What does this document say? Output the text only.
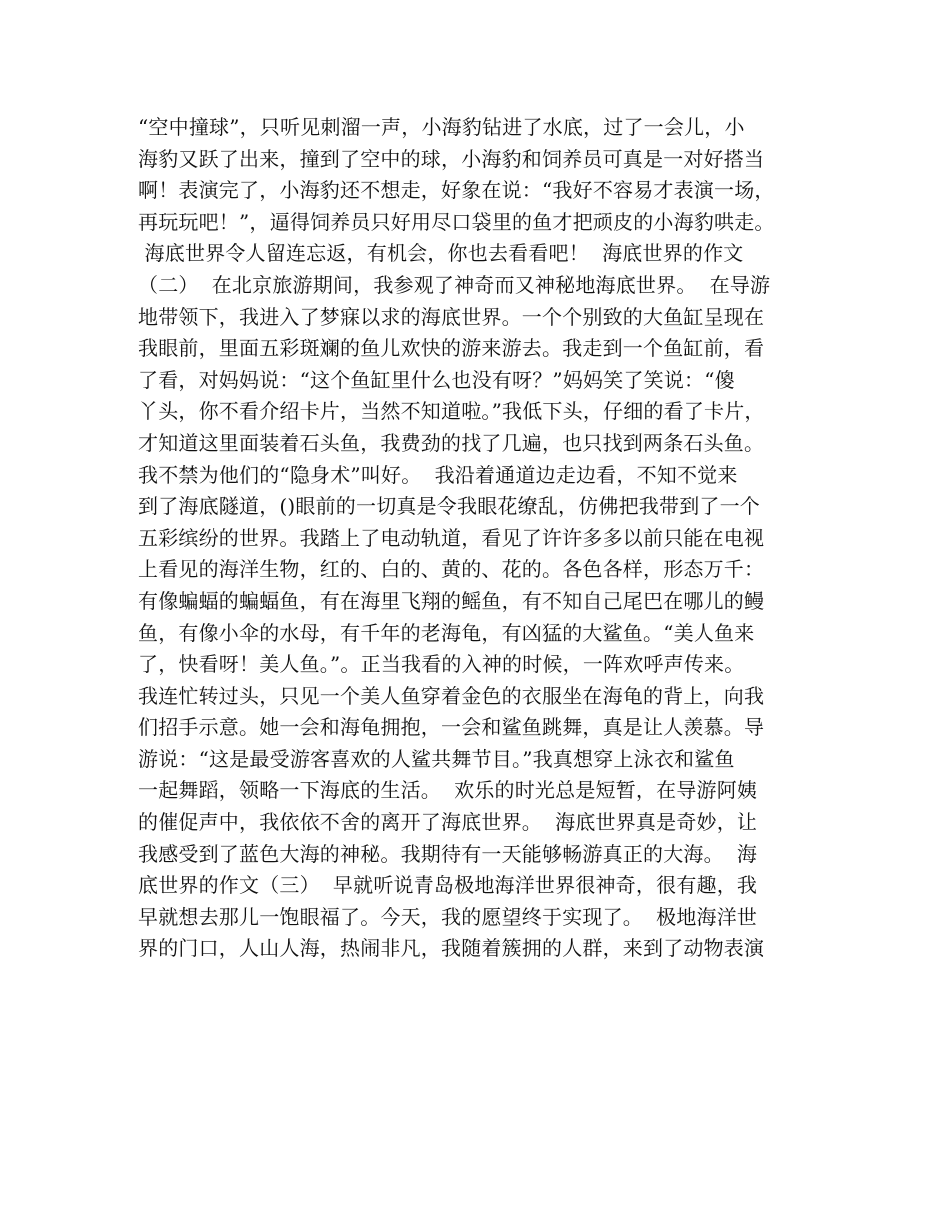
“空中撞球”，只听见刺溜一声，小海豹钻进了水底，过了一会儿，小
海豹又跃了出来，撞到了空中的球，小海豹和饲养员可真是一对好搭当
啊！表演完了，小海豹还不想走，好象在说：“我好不容易才表演一场，
再玩玩吧！”，逼得饲养员只好用尽口袋里的鱼才把顽皮的小海豹哄走。
海底世界令人留连忘返，有机会，你也去看看吧！  海底世界的作文
（二）  在北京旅游期间，我参观了神奇而又神秘地海底世界。  在导游
地带领下，我进入了梦寐以求的海底世界。一个个别致的大鱼缸呈现在
我眼前，里面五彩斑斓的鱼儿欢快的游来游去。我走到一个鱼缸前，看
了看，对妈妈说：“这个鱼缸里什么也没有呀？”妈妈笑了笑说：“傻
丫头，你不看介绍卡片，当然不知道啦。”我低下头，仔细的看了卡片，
才知道这里面装着石头鱼，我费劲的找了几遍，也只找到两条石头鱼。
我不禁为他们的“隐身术”叫好。  我沿着通道边走边看，不知不觉来
到了海底隧道，()眼前的一切真是令我眼花缭乱，仿佛把我带到了一个
五彩缤纷的世界。我踏上了电动轨道，看见了许许多多以前只能在电视
上看见的海洋生物，红的、白的、黄的、花的。各色各样，形态万千：
有像蝙蝠的蝙蝠鱼，有在海里飞翔的鳐鱼，有不知自己尾巴在哪儿的鳗
鱼，有像小伞的水母，有千年的老海龟，有凶猛的大鲨鱼。“美人鱼来
了，快看呀！美人鱼。”。正当我看的入神的时候，一阵欢呼声传来。
我连忙转过头，只见一个美人鱼穿着金色的衣服坐在海龟的背上，向我
们招手示意。她一会和海龟拥抱，一会和鲨鱼跳舞，真是让人羡慕。导
游说：“这是最受游客喜欢的人鲨共舞节目。”我真想穿上泳衣和鲨鱼
一起舞蹈，领略一下海底的生活。  欢乐的时光总是短暂，在导游阿姨
的催促声中，我依依不舍的离开了海底世界。  海底世界真是奇妙，让
我感受到了蓝色大海的神秘。我期待有一天能够畅游真正的大海。  海
底世界的作文（三）  早就听说青岛极地海洋世界很神奇，很有趣，我
早就想去那儿一饱眼福了。今天，我的愿望终于实现了。  极地海洋世
界的门口，人山人海，热闹非凡，我随着簇拥的人群，来到了动物表演
